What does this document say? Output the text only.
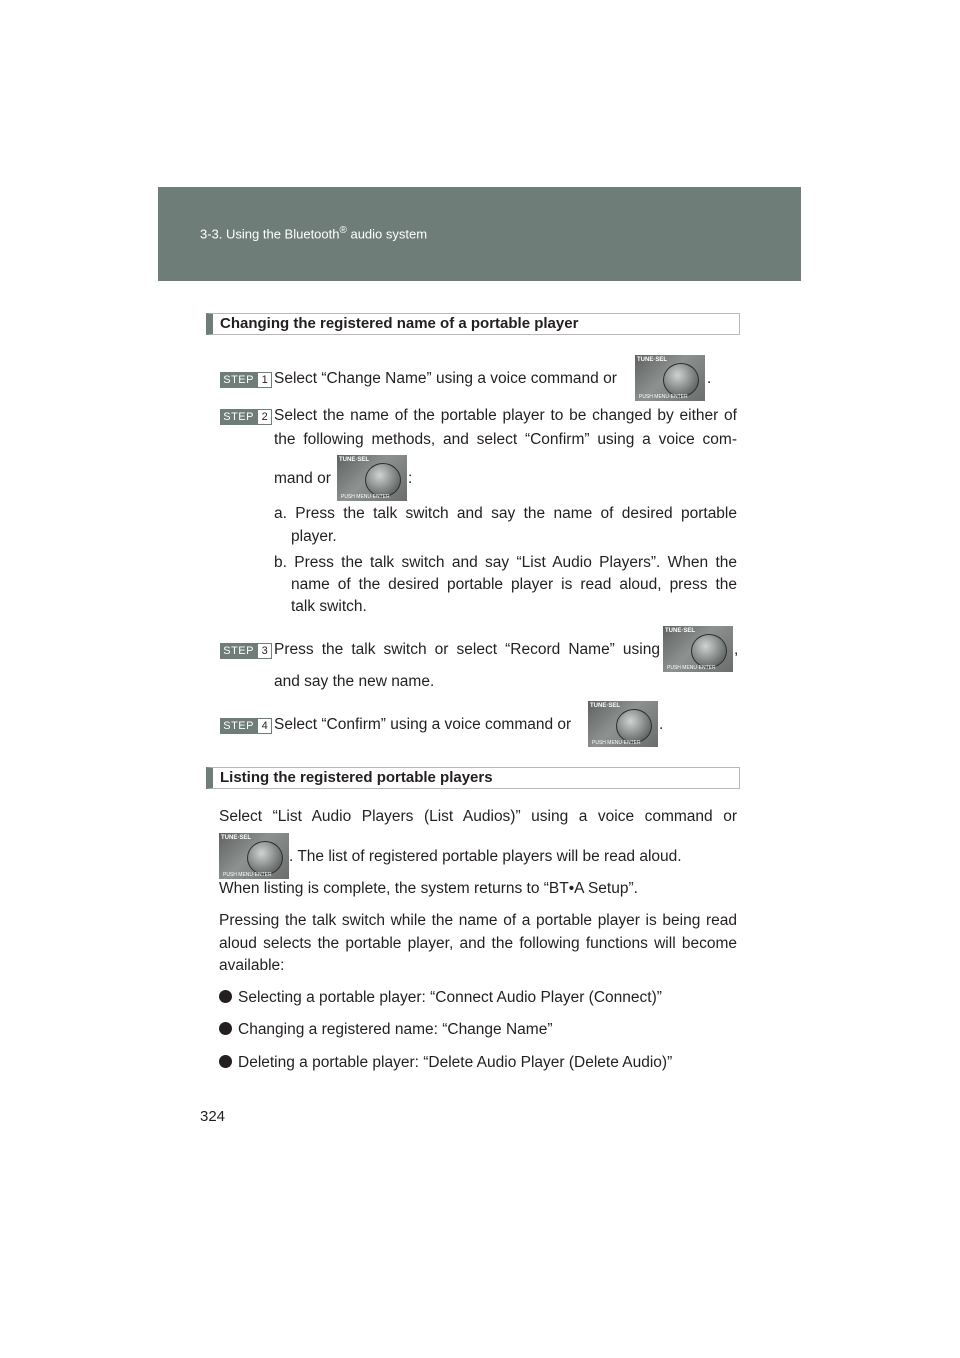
3-3. Using the Bluetooth® audio system
Changing the registered name of a portable player
STEP 1 Select “Change Name” using a voice command or
TUNE·SEL
PUSH MENU·ENTER
.
STEP 2 Select the name of the portable player to be changed by either of
the following methods, and select “Confirm” using a voice com-
mand or
TUNE·SEL
PUSH MENU·ENTER
:
a. Press the talk switch and say the name of desired portable
player.
b. Press the talk switch and say “List Audio Players”. When the
name of the desired portable player is read aloud, press the
talk switch.
STEP 3 Press the talk switch or select “Record Name” using
TUNE·SEL
PUSH MENU·ENTER
,
and say the new name.
STEP 4 Select “Confirm” using a voice command or
TUNE·SEL
PUSH MENU·ENTER
.
Listing the registered portable players
Select “List Audio Players (List Audios)” using a voice command or
TUNE·SEL
PUSH MENU·ENTER
. The list of registered portable players will be read aloud.
When listing is complete, the system returns to “BT•A Setup”.
Pressing the talk switch while the name of a portable player is being read
aloud selects the portable player, and the following functions will become
available:
Selecting a portable player: “Connect Audio Player (Connect)”
Changing a registered name: “Change Name”
Deleting a portable player: “Delete Audio Player (Delete Audio)”
324
